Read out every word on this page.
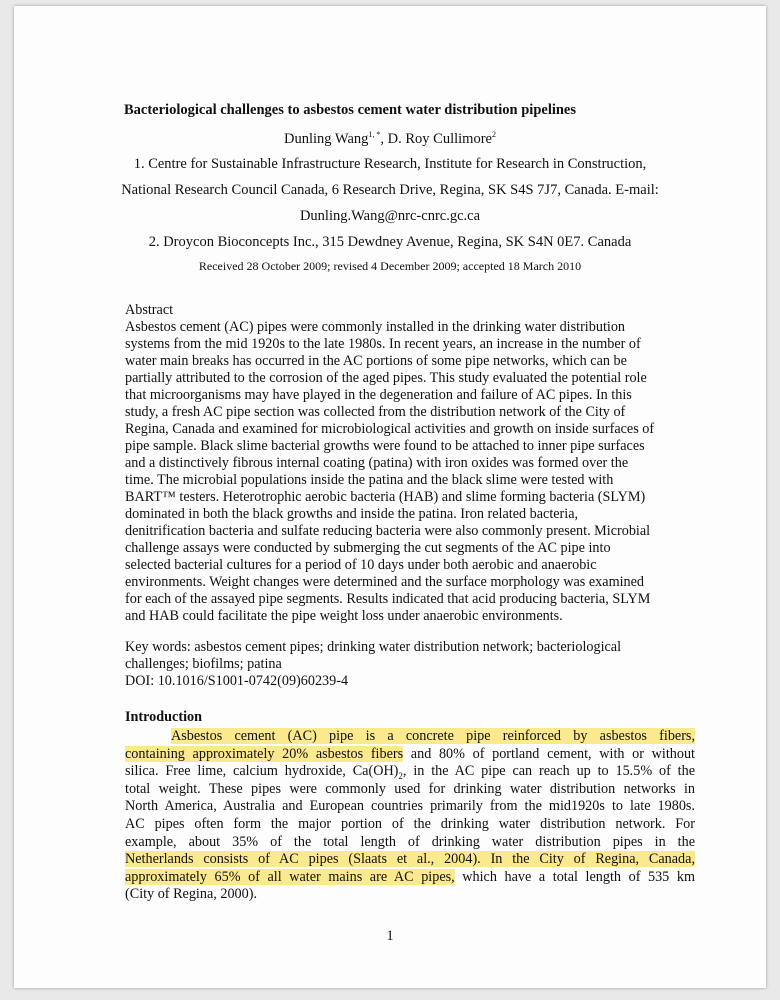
Bacteriological challenges to asbestos cement water distribution pipelines
Dunling Wang$^{1, *}$, D. Roy Cullimore$^2$
1. Centre for Sustainable Infrastructure Research, Institute for Research in Construction,
National Research Council Canada, 6 Research Drive, Regina, SK S4S 7J7, Canada. E-mail:
Dunling.Wang@nrc-cnrc.gc.ca
2. Droycon Bioconcepts Inc., 315 Dewdney Avenue, Regina, SK S4N 0E7. Canada
Received 28 October 2009; revised 4 December 2009; accepted 18 March 2010
Abstract
Asbestos cement (AC) pipes were commonly installed in the drinking water distribution
systems from the mid 1920s to the late 1980s. In recent years, an increase in the number of
water main breaks has occurred in the AC portions of some pipe networks, which can be
partially attributed to the corrosion of the aged pipes. This study evaluated the potential role
that microorganisms may have played in the degeneration and failure of AC pipes. In this
study, a fresh AC pipe section was collected from the distribution network of the City of
Regina, Canada and examined for microbiological activities and growth on inside surfaces of
pipe sample. Black slime bacterial growths were found to be attached to inner pipe surfaces
and a distinctively fibrous internal coating (patina) with iron oxides was formed over the
time. The microbial populations inside the patina and the black slime were tested with
BART™ testers. Heterotrophic aerobic bacteria (HAB) and slime forming bacteria (SLYM)
dominated in both the black growths and inside the patina. Iron related bacteria,
denitrification bacteria and sulfate reducing bacteria were also commonly present. Microbial
challenge assays were conducted by submerging the cut segments of the AC pipe into
selected bacterial cultures for a period of 10 days under both aerobic and anaerobic
environments. Weight changes were determined and the surface morphology was examined
for each of the assayed pipe segments. Results indicated that acid producing bacteria, SLYM
and HAB could facilitate the pipe weight loss under anaerobic environments.
Key words: asbestos cement pipes; drinking water distribution network; bacteriological
challenges; biofilms; patina
DOI: 10.1016/S1001-0742(09)60239-4
Introduction
Asbestos cement (AC) pipe is a concrete pipe reinforced by asbestos fibers,
containing approximately 20% asbestos fibers and 80% of portland cement, with or without
silica. Free lime, calcium hydroxide, $Ca(OH)_2$, in the AC pipe can reach up to 15.5% of the
total weight. These pipes were commonly used for drinking water distribution networks in
North America, Australia and European countries primarily from the mid1920s to late 1980s.
AC pipes often form the major portion of the drinking water distribution network. For
example, about 35% of the total length of drinking water distribution pipes in the
Netherlands consists of AC pipes (Slaats et al., 2004). In the City of Regina, Canada,
approximately 65% of all water mains are AC pipes, which have a total length of 535 km
(City of Regina, 2000).
1
